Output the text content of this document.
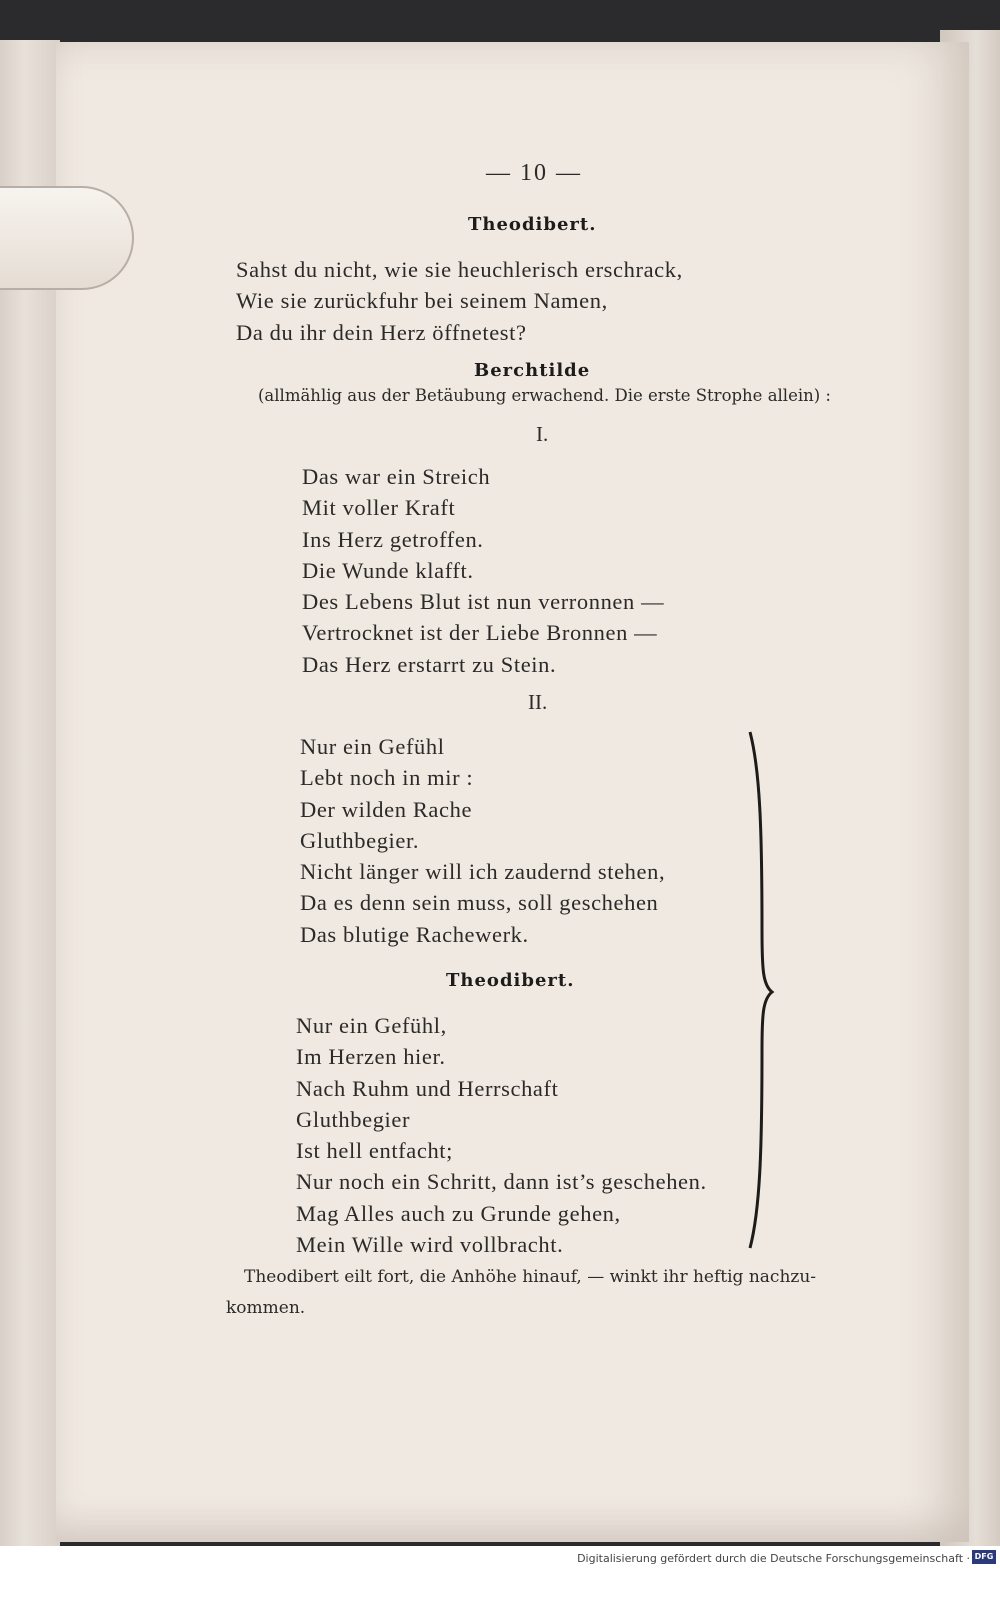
— 10 —

Theodibert.

Sahst du nicht, wie sie heuchlerisch erschrack,
Wie sie zurückfuhr bei seinem Namen,
Da du ihr dein Herz öffnetest?

Berchtilde

(allmählig aus der Betäubung erwachend. Die erste Strophe allein) :

I.

Das war ein Streich
Mit voller Kraft
Ins Herz getroffen.
Die Wunde klafft.
Des Lebens Blut ist nun verronnen —
Vertrocknet ist der Liebe Bronnen —
Das Herz erstarrt zu Stein.

II.

Nur ein Gefühl
Lebt noch in mir :
Der wilden Rache
Gluthbegier.
Nicht länger will ich zaudernd stehen,
Da es denn sein muss, soll geschehen
Das blutige Rachewerk.

Theodibert.

Nur ein Gefühl,
Im Herzen hier.
Nach Ruhm und Herrschaft
Gluthbegier
Ist hell entfacht;
Nur noch ein Schritt, dann ist’s geschehen.
Mag Alles auch zu Grunde gehen,
Mein Wille wird vollbracht.
Theodibert eilt fort, die Anhöhe hinauf, — winkt ihr heftig nachzu-
kommen.
Digitalisierung gefördert durch die Deutsche Forschungsgemeinschaft · DFG
